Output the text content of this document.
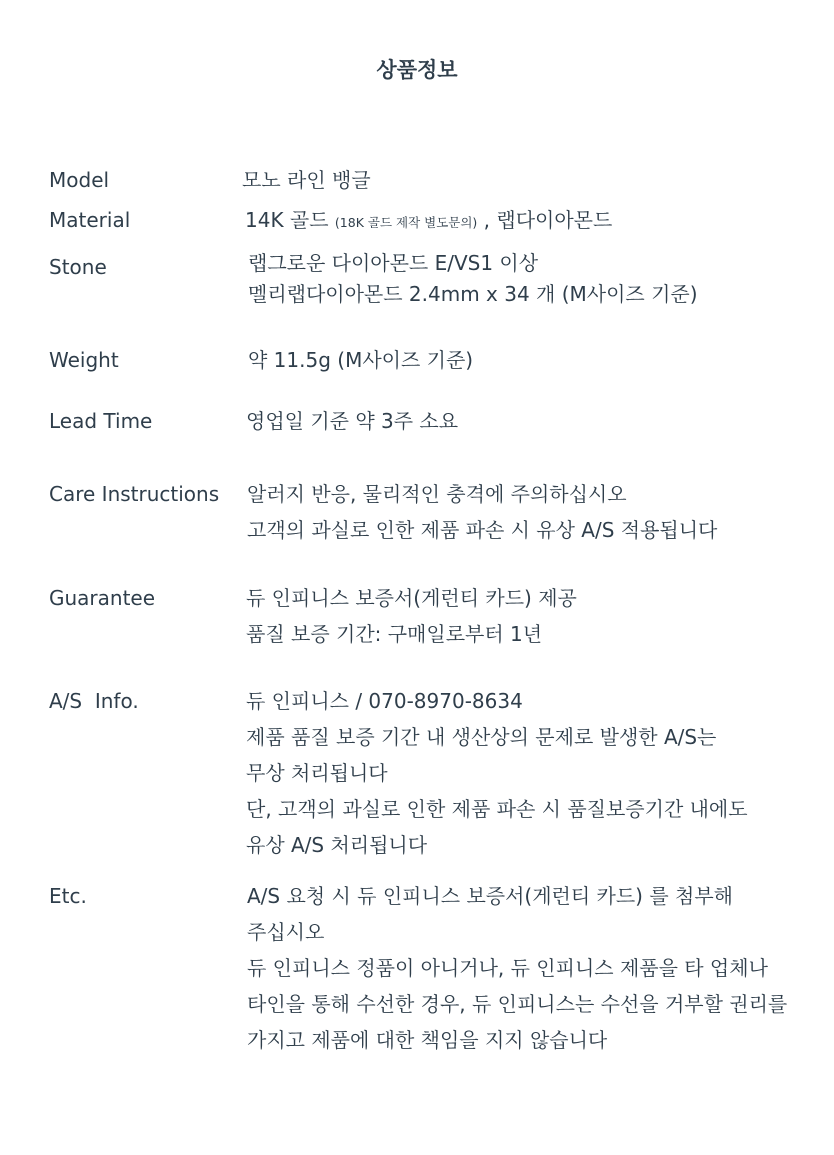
상품정보
Model	모노 라인 뱅글
Material	14K 골드 (18K 골드 제작 별도문의) , 랩다이아몬드
Stone	랩그로운 다이아몬드 E/VS1 이상
멜리랩다이아몬드 2.4mm x 34 개 (M사이즈 기준)
Weight	약 11.5g (M사이즈 기준)
Lead Time	영업일 기준 약 3주 소요
Care Instructions 알러지 반응, 물리적인 충격에 주의하십시오
고객의 과실로 인한 제품 파손 시 유상 A/S 적용됩니다
Guarantee	듀 인피니스 보증서(게런티 카드) 제공
품질 보증 기간: 구매일로부터 1년
A/S  Info.	듀 인피니스 / 070-8970-8634
제품 품질 보증 기간 내 생산상의 문제로 발생한 A/S는
무상 처리됩니다
단, 고객의 과실로 인한 제품 파손 시 품질보증기간 내에도
유상 A/S 처리됩니다
Etc.	A/S 요청 시 듀 인피니스 보증서(게런티 카드) 를 첨부해
주십시오
듀 인피니스 정품이 아니거나, 듀 인피니스 제품을 타 업체나
타인을 통해 수선한 경우, 듀 인피니스는 수선을 거부할 권리를
가지고 제품에 대한 책임을 지지 않습니다
